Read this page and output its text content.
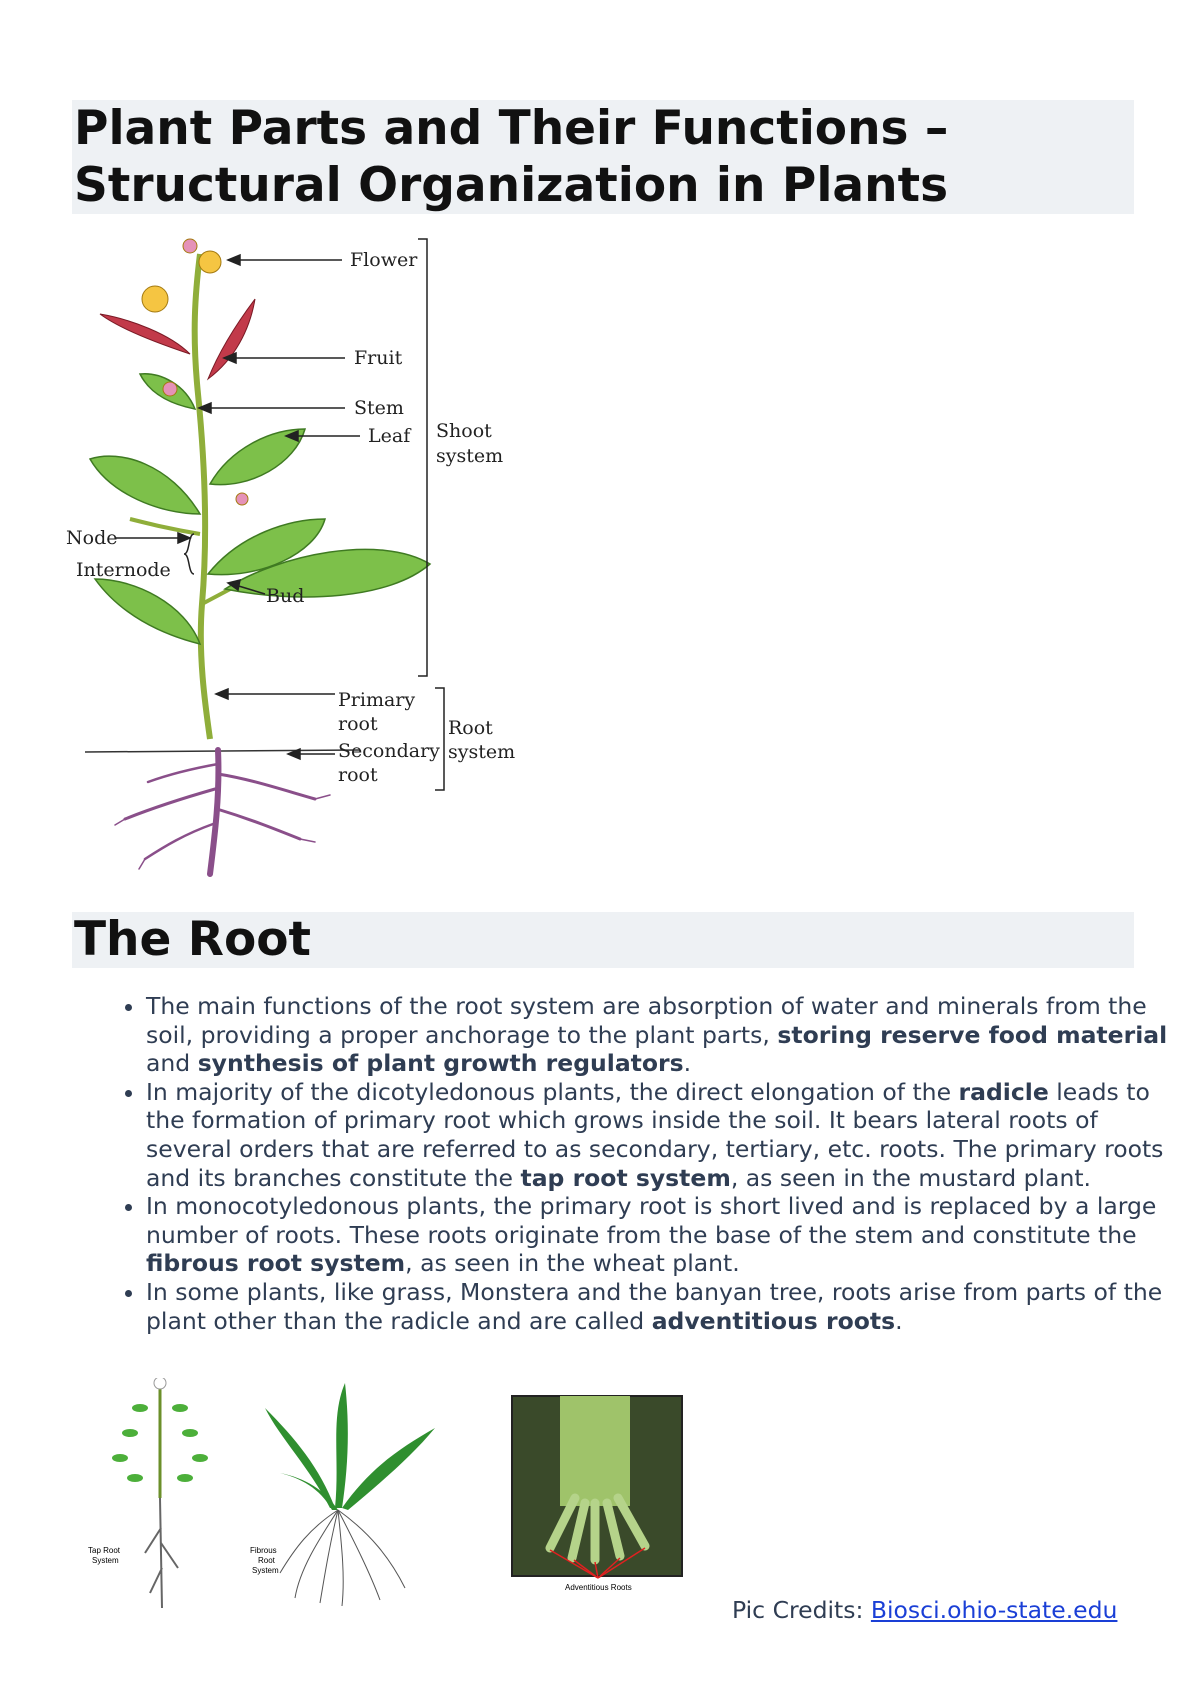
Plant Parts and Their Functions – Structural Organization in Plants
Flower
Fruit
Stem
Leaf Shoot
system
Node
Internode
Bud
Primary
root
Secondary
root
Root
system
The Root
• The main functions of the root system are absorption of water and minerals from the soil, providing a proper anchorage to the plant parts, storing reserve food material and synthesis of plant growth regulators.
• In majority of the dicotyledonous plants, the direct elongation of the radicle leads to the formation of primary root which grows inside the soil. It bears lateral roots of several orders that are referred to as secondary, tertiary, etc. roots. The primary roots and its branches constitute the tap root system, as seen in the mustard plant.
• In monocotyledonous plants, the primary root is short lived and is replaced by a large number of roots. These roots originate from the base of the stem and constitute the fibrous root system, as seen in the wheat plant.
• In some plants, like grass, Monstera and the banyan tree, roots arise from parts of the plant other than the radicle and are called adventitious roots.
Tap Root
System
Fibrous
Root
System
Adventitious Roots
Pic Credits: Biosci.ohio-state.edu
